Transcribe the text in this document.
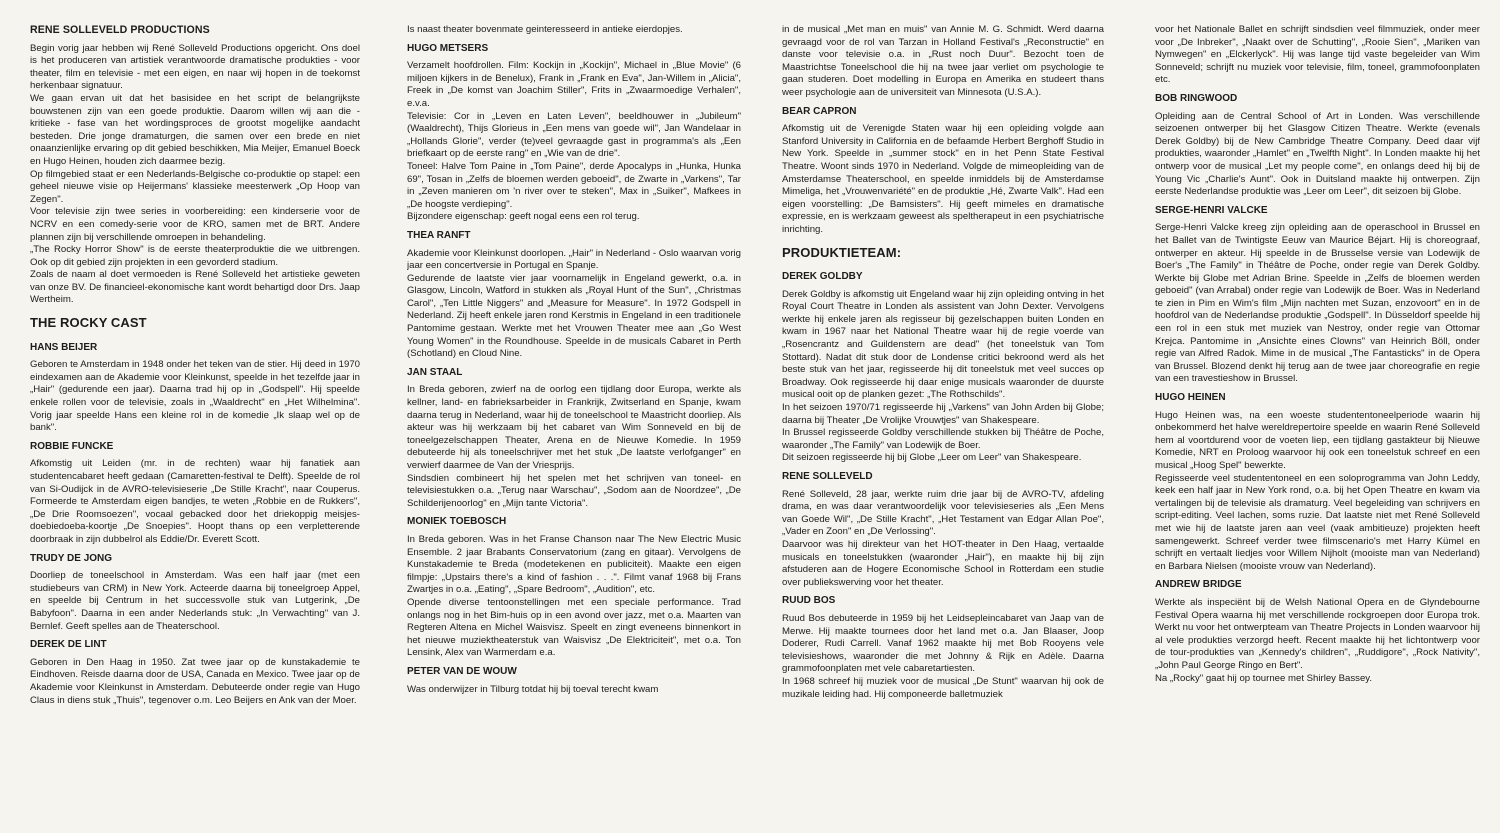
RENE SOLLEVELD PRODUCTIONS

Begin vorig jaar hebben wij René Solleveld Productions opgericht. Ons doel is het produceren van artistiek verantwoorde dramatische produkties - voor theater, film en televisie - met een eigen, en naar wij hopen in de toekomst herkenbaar signatuur.
We gaan ervan uit dat het basisidee en het script de belangrijkste bouwstenen zijn van een goede produktie. Daarom willen wij aan die - kritieke - fase van het wordingsproces de grootst mogelijke aandacht besteden. Drie jonge dramaturgen, die samen over een brede en niet onaanzienlijke ervaring op dit gebied beschikken, Mia Meijer, Emanuel Boeck en Hugo Heinen, houden zich daarmee bezig.
Op filmgebied staat er een Nederlands-Belgische co-produktie op stapel: een geheel nieuwe visie op Heijermans' klassieke meesterwerk „Op Hoop van Zegen".
Voor televisie zijn twee series in voorbereiding: een kinderserie voor de NCRV en een comedy-serie voor de KRO, samen met de BRT. Andere plannen zijn bij verschillende omroepen in behandeling.
„The Rocky Horror Show" is de eerste theaterproduktie die we uitbrengen. Ook op dit gebied zijn projekten in een gevorderd stadium.
Zoals de naam al doet vermoeden is René Solleveld het artistieke geweten van onze BV. De financieel-ekonomische kant wordt behartigd door Drs. Jaap Wertheim.

THE ROCKY CAST
HANS BEIJER

Geboren te Amsterdam in 1948 onder het teken van de stier. Hij deed in 1970 eindexamen aan de Akademie voor Kleinkunst, speelde in het tezelfde jaar in „Hair" (gedurende een jaar). Daarna trad hij op in „Godspell". Hij speelde enkele rollen voor de televisie, zoals in „Waaldrecht" en „Het Wilhelmina". Vorig jaar speelde Hans een kleine rol in de komedie „Ik slaap wel op de bank".

ROBBIE FUNCKE

Afkomstig uit Leiden (mr. in de rechten) waar hij fanatiek aan studentencabaret heeft gedaan (Camaretten-festival te Delft). Speelde de rol van Si-Oudijck in de AVRO-televisieserie „De Stille Kracht", naar Couperus. Formeerde te Amsterdam eigen bandjes, te weten „Robbie en de Rukkers", „De Drie Roomsoezen", vocaal gebacked door het driekoppig meisjes-doebiedoeba-koortje „De Snoepies". Hoopt thans op een verpletterende doorbraak in zijn dubbelrol als Eddie/Dr. Everett Scott.

TRUDY DE JONG

Doorliep de toneelschool in Amsterdam. Was een half jaar (met een studiebeurs van CRM) in New York. Acteerde daarna bij toneelgroep Appel, en speelde bij Centrum in het successvolle stuk van Lutgerink, „De Babyfoon". Daarna in een ander Nederlands stuk: „In Verwachting" van J. Bernlef. Geeft spelles aan de Theaterschool.

DEREK DE LINT

Geboren in Den Haag in 1950. Zat twee jaar op de kunstakademie te Eindhoven. Reisde daarna door de USA, Canada en Mexico. Twee jaar op de Akademie voor Kleinkunst in Amsterdam. Debuteerde onder regie van Hugo Claus in diens stuk „Thuis", tegenover o.m. Leo Beijers en Ank van der Moer.

Is naast theater bovenmate geinteresseerd in antieke eierdopjes.

HUGO METSERS

Verzamelt hoofdrollen. Film: Kockijn in „Kockijn", Michael in „Blue Movie" (6 miljoen kijkers in de Benelux), Frank in „Frank en Eva", Jan-Willem in „Alicia", Freek in „De komst van Joachim Stiller", Frits in „Zwaarmoedige Verhalen", e.v.a.
Televisie: Cor in „Leven en Laten Leven", beeldhouwer in „Jubileum" (Waaldrecht), Thijs Glorieus in „Een mens van goede wil", Jan Wandelaar in „Hollands Glorie", verder (te)veel gevraagde gast in programma's als „Een briefkaart op de eerste rang" en „Wie van de drie".
Toneel: Halve Tom Paine in „Tom Paine", derde Apocalyps in „Hunka, Hunka 69", Tosan in „Zelfs de bloemen werden geboeid", de Zwarte in „Varkens", Tar in „Zeven manieren om 'n river over te steken", Max in „Suiker", Mafkees in „De hoogste verdieping".
Bijzondere eigenschap: geeft nogal eens een rol terug.

THEA RANFT

Akademie voor Kleinkunst doorlopen. „Hair" in Nederland - Oslo waarvan vorig jaar een concertversie in Portugal en Spanje.
Gedurende de laatste vier jaar voornamelijk in Engeland gewerkt, o.a. in Glasgow, Lincoln, Watford in stukken als „Royal Hunt of the Sun", „Christmas Carol", „Ten Little Niggers" and „Measure for Measure". In 1972 Godspell in Nederland. Zij heeft enkele jaren rond Kerstmis in Engeland in een traditionele Pantomime gestaan. Werkte met het Vrouwen Theater mee aan „Go West Young Women" in the Roundhouse. Speelde in de musicals Cabaret in Perth (Schotland) en Cloud Nine.

JAN STAAL

In Breda geboren, zwierf na de oorlog een tijdlang door Europa, werkte als kellner, land- en fabrieksarbeider in Frankrijk, Zwitserland en Spanje, kwam daarna terug in Nederland, waar hij de toneelschool te Maastricht doorliep. Als akteur was hij werkzaam bij het cabaret van Wim Sonneveld en bij de toneelgezelschappen Theater, Arena en de Nieuwe Komedie. In 1959 debuteerde hij als toneelschrijver met het stuk „De laatste verlofganger" en verwierf daarmee de Van der Vriesprijs.
Sindsdien combineert hij het spelen met het schrijven van toneel- en televisiestukken o.a. „Terug naar Warschau", „Sodom aan de Noordzee", „De Schilderijenoorlog" en „Mijn tante Victoria".

MONIEK TOEBOSCH

In Breda geboren. Was in het Franse Chanson naar The New Electric Music Ensemble. 2 jaar Brabants Conservatorium (zang en gitaar). Vervolgens de Kunstakademie te Breda (modetekenen en publiciteit). Maakte een eigen filmpje: „Upstairs there's a kind of fashion . . .". Filmt vanaf 1968 bij Frans Zwartjes in o.a. „Eating", „Spare Bedroom", „Audition", etc.
Opende diverse tentoonstellingen met een speciale performance. Trad onlangs nog in het Bim-huis op in een avond over jazz, met o.a. Maarten van Regteren Altena en Michel Waisvisz. Speelt en zingt eveneens binnenkort in het nieuwe muziektheaterstuk van Waisvisz „De Elektriciteit", met o.a. Ton Lensink, Alex van Warmerdam e.a.

PETER VAN DE WOUW

Was onderwijzer in Tilburg totdat hij bij toeval terecht kwam

in de musical „Met man en muis" van Annie M. G. Schmidt. Werd daarna gevraagd voor de rol van Tarzan in Holland Festival's „Reconstructie" en danste voor televisie o.a. in „Rust noch Duur". Bezocht toen de Maastrichtse Toneelschool die hij na twee jaar verliet om psychologie te gaan studeren. Doet modelling in Europa en Amerika en studeert thans weer psychologie aan de universiteit van Minnesota (U.S.A.).

BEAR CAPRON

Afkomstig uit de Verenigde Staten waar hij een opleiding volgde aan Stanford University in California en de befaamde Herbert Berghoff Studio in New York. Speelde in „summer stock" en in het Penn State Festival Theatre. Woont sinds 1970 in Nederland. Volgde de mimeopleiding van de Amsterdamse Theaterschool, en speelde inmiddels bij de Amsterdamse Mimeliga, het „Vrouwenvariété" en de produktie „Hé, Zwarte Valk". Had een eigen voorstelling: „De Bamsisters". Hij geeft mimeles en dramatische expressie, en is werkzaam geweest als speltherapeut in een psychiatrische inrichting.

PRODUKTIETEAM:
DEREK GOLDBY

Derek Goldby is afkomstig uit Engeland waar hij zijn opleiding ontving in het Royal Court Theatre in Londen als assistent van John Dexter. Vervolgens werkte hij enkele jaren als regisseur bij gezelschappen buiten Londen en kwam in 1967 naar het National Theatre waar hij de regie voerde van „Rosencrantz and Guildenstern are dead" (het toneelstuk van Tom Stottard). Nadat dit stuk door de Londense critici bekroond werd als het beste stuk van het jaar, regisseerde hij dit toneelstuk met veel succes op Broadway. Ook regisseerde hij daar enige musicals waaronder de duurste musical ooit op de planken gezet: „The Rothschilds".
In het seizoen 1970/71 regisseerde hij „Varkens" van John Arden bij Globe; daarna bij Theater „De Vrolijke Vrouwtjes" van Shakespeare.
In Brussel regisseerde Goldby verschillende stukken bij Théâtre de Poche, waaronder „The Family" van Lodewijk de Boer.
Dit seizoen regisseerde hij bij Globe „Leer om Leer" van Shakespeare.

RENE SOLLEVELD

René Solleveld, 28 jaar, werkte ruim drie jaar bij de AVRO-TV, afdeling drama, en was daar verantwoordelijk voor televisieseries als „Een Mens van Goede Wil", „De Stille Kracht", „Het Testament van Edgar Allan Poe", „Vader en Zoon" en „De Verlossing".
Daarvoor was hij direkteur van het HOT-theater in Den Haag, vertaalde musicals en toneelstukken (waaronder „Hair"), en maakte hij bij zijn afstuderen aan de Hogere Economische School in Rotterdam een studie over publiekswerving voor het theater.

RUUD BOS

Ruud Bos debuteerde in 1959 bij het Leidsepleincabaret van Jaap van de Merwe. Hij maakte tournees door het land met o.a. Jan Blaaser, Joop Doderer, Rudi Carrell. Vanaf 1962 maakte hij met Bob Rooyens vele televisieshows, waaronder die met Johnny & Rijk en Adèle. Daarna grammofoonplaten met vele cabaretartiesten.
In 1968 schreef hij muziek voor de musical „De Stunt" waarvan hij ook de muzikale leiding had. Hij componeerde balletmuziek

voor het Nationale Ballet en schrijft sindsdien veel filmmuziek, onder meer voor „De Inbreker", „Naakt over de Schutting", „Rooie Sien", „Mariken van Nymwegen" en „Elckerlyck". Hij was lange tijd vaste begeleider van Wim Sonneveld; schrijft nu muziek voor televisie, film, toneel, grammofoonplaten etc.

BOB RINGWOOD

Opleiding aan de Central School of Art in Londen. Was verschillende seizoenen ontwerper bij het Glasgow Citizen Theatre. Werkte (evenals Derek Goldby) bij de New Cambridge Theatre Company. Deed daar vijf produkties, waaronder „Hamlet" en „Twelfth Night". In Londen maakte hij het ontwerp voor de musical „Let my people come", en onlangs deed hij bij de Young Vic „Charlie's Aunt". Ook in Duitsland maakte hij ontwerpen. Zijn eerste Nederlandse produktie was „Leer om Leer", dit seizoen bij Globe.

SERGE-HENRI VALCKE

Serge-Henri Valcke kreeg zijn opleiding aan de operaschool in Brussel en het Ballet van de Twintigste Eeuw van Maurice Béjart. Hij is choreograaf, ontwerper en akteur. Hij speelde in de Brusselse versie van Lodewijk de Boer's „The Family" in Théâtre de Poche, onder regie van Derek Goldby. Werkte bij Globe met Adrian Brine. Speelde in „Zelfs de bloemen werden geboeid" (van Arrabal) onder regie van Lodewijk de Boer. Was in Nederland te zien in Pim en Wim's film „Mijn nachten met Suzan, enzovoort" en in de hoofdrol van de Nederlandse produktie „Godspell". In Düsseldorf speelde hij een rol in een stuk met muziek van Nestroy, onder regie van Ottomar Krejca. Pantomime in „Ansichte eines Clowns" van Heinrich Böll, onder regie van Alfred Radok. Mime in de musical „The Fantasticks" in de Opera van Brussel. Blozend denkt hij terug aan de twee jaar choreografie en regie van een travestieshow in Brussel.

HUGO HEINEN

Hugo Heinen was, na een woeste studententoneelperiode waarin hij onbekommerd het halve wereldrepertoire speelde en waarin René Solleveld hem al voortdurend voor de voeten liep, een tijdlang gastakteur bij Nieuwe Komedie, NRT en Proloog waarvoor hij ook een toneelstuk schreef en een musical „Hoog Spel" bewerkte.
Regisseerde veel studententoneel en een soloprogramma van John Leddy, keek een half jaar in New York rond, o.a. bij het Open Theatre en kwam via vertalingen bij de televisie als dramaturg. Veel begeleiding van schrijvers en script-editing. Veel lachen, soms ruzie. Dat laatste niet met René Solleveld met wie hij de laatste jaren aan veel (vaak ambitieuze) projekten heeft samengewerkt. Schreef verder twee filmscenario's met Harry Kümel en schrijft en vertaalt liedjes voor Willem Nijholt (mooiste man van Nederland) en Barbara Nielsen (mooiste vrouw van Nederland).

ANDREW BRIDGE

Werkte als inspeciënt bij de Welsh National Opera en de Glyndebourne Festival Opera waarna hij met verschillende rockgroepen door Europa trok. Werkt nu voor het ontwerpteam van Theatre Projects in Londen waarvoor hij al vele produkties verzorgd heeft. Recent maakte hij het lichtontwerp voor de tour-produkties van „Kennedy's children", „Ruddigore", „Rock Nativity", „John Paul George Ringo en Bert".
Na „Rocky" gaat hij op tournee met Shirley Bassey.
